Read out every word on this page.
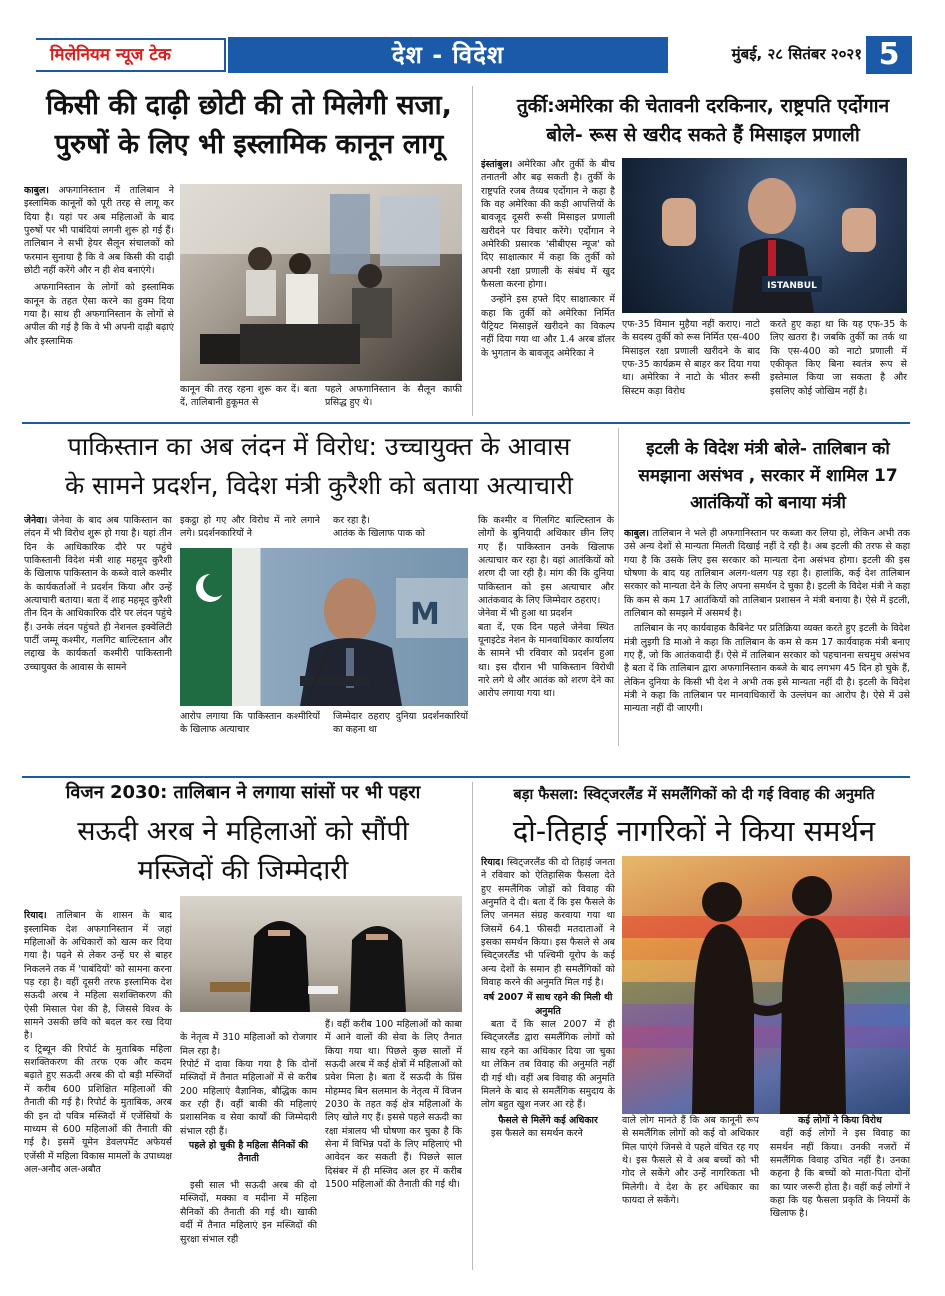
मिलेनियम न्यूज टेक	देश - विदेश	मुंबई, २८ सितंबर २०२१ 5
किसी की दाढ़ी छोटी की तो मिलेगी सजा,
पुरुषों के लिए भी इस्लामिक कानून लागू
काबुल। अफगानिस्तान में तालिबान ने इस्लामिक कानूनों को पूरी तरह से लागू कर दिया है। यहां पर अब महिलाओं के बाद पुरुषों पर भी पाबंदियां लगनी शुरू हो गई हैं। तालिबान ने सभी हेयर सैलून संचालकों को फरमान सुनाया है कि वे अब किसी की दाढ़ी छोटी नहीं करेंगे और न ही शेव बनाएंगे।

अफगानिस्तान के लोगों को इस्लामिक कानून के तहत ऐसा करने का हुक्म दिया गया है। साथ ही अफगानिस्तान के लोगों से अपील की गई है कि वे भी अपनी दाढ़ी बढ़ाएं और इस्लामिक

कानून की तरह रहना शुरू कर दें। बता दें, तालिबानी हुकूमत से
पहले अफगानिस्तान के सैलून काफी प्रसिद्ध हुए थे।
तुर्की:अमेरिका की चेतावनी दरकिनार, राष्ट्रपति एर्दोगान
बोले- रूस से खरीद सकते हैं मिसाइल प्रणाली
इंस्तांबुल। अमेरिका और तुर्की के बीच तनातनी और बढ़ सकती है। तुर्की के राष्ट्रपति रजब तैय्यब एर्दोगान ने कहा है कि वह अमेरिका की कड़ी आपत्तियों के बावजूद दूसरी रूसी मिसाइल प्रणाली खरीदने पर विचार करेंगे। एर्दोगान ने अमेरिकी प्रसारक 'सीबीएस न्यूज' को दिए साक्षात्कार में कहा कि तुर्की को अपनी रक्षा प्रणाली के संबंध में खुद फैसला करना होगा।

उन्होंने इस हफ्ते दिए साक्षात्कार में कहा कि तुर्की को अमेरिका निर्मित पैट्रियट मिसाइलें खरीदने का विकल्प नहीं दिया गया था और 1.4 अरब डॉलर के भुगतान के बावजूद अमेरिका ने

ISTANBUL
एफ-35 विमान मुहैया नहीं कराए। नाटो के सदस्य तुर्की को रूस निर्मित एस-400 मिसाइल रक्षा प्रणाली खरीदने के बाद एफ-35 कार्यक्रम से बाहर कर दिया गया था। अमेरिका ने नाटो के भीतर रूसी सिस्टम कड़ा विरोध
करते हुए कहा था कि यह एफ-35 के लिए खतरा है। जबकि तुर्की का तर्क था कि एस-400 को नाटो प्रणाली में एकीकृत किए बिना स्वतंत्र रूप से इस्तेमाल किया जा सकता है और इसलिए कोई जोखिम नहीं है।
पाकिस्तान का अब लंदन में विरोध: उच्चायुक्त के आवास
के सामने प्रदर्शन, विदेश मंत्री कुरैशी को बताया अत्याचारी
जेनेवा। जेनेवा के बाद अब पाकिस्तान का लंदन में भी विरोध शुरू हो गया है। यहां तीन दिन के आधिकारिक दौरे पर पहुंचे पाकिस्तानी विदेश मंत्री शाह महमूद कुरैशी के खिलाफ पाकिस्तान के कब्जे वाले कश्मीर के कार्यकर्ताओं ने प्रदर्शन किया और उन्हें अत्याचारी बताया। बता दें शाह महमूद कुरैशी तीन दिन के आधिकारिक दौरे पर लंदन पहुंचे हैं। उनके लंदन पहुंचते ही नेशनल इक्वेलिटी पार्टी जम्मू कश्मीर, गलगिट बाल्टिस्तान और लद्दाख के कार्यकर्ता कश्मीरी पाकिस्तानी उच्चायुक्त के आवास के सामने
इकट्ठा हो गए और विरोध में नारे लगाने लगे। प्रदर्शनकारियों ने
कर रहा है।
आतंक के खिलाफ पाक को
M
आरोप लगाया कि पाकिस्तान कश्मीरियों के खिलाफ अत्याचार
जिम्मेदार ठहराए दुनिया प्रदर्शनकारियों का कहना था
कि कश्मीर व गिलगिट बाल्टिस्तान के लोगों के बुनियादी अधिकार छीन लिए गए हैं। पाकिस्तान उनके खिलाफ अत्याचार कर रहा है। वहां आतंकियों को शरण दी जा रही है। मांग की कि दुनिया पाकिस्तान को इस अत्याचार और आतंकवाद के लिए जिम्मेदार ठहराए।
जेनेवा में भी हुआ था प्रदर्शन
बता दें, एक दिन पहले जेनेवा स्थित यूनाइटेड नेशन के मानवाधिकार कार्यालय के सामने भी रविवार को प्रदर्शन हुआ था। इस दौरान भी पाकिस्तान विरोधी नारे लगे थे और आतंक को शरण देने का आरोप लगाया गया था।
इटली के विदेश मंत्री बोले- तालिबान को
समझाना असंभव , सरकार में शामिल 17
आतंकियों को बनाया मंत्री
काबुल। तालिबान ने भले ही अफगानिस्तान पर कब्जा कर लिया हो, लेकिन अभी तक उसे अन्य देशों से मान्यता मिलती दिखाई नहीं दे रही है। अब इटली की तरफ से कहा गया है कि उसके लिए इस सरकार को मान्यता देना असंभव होगा। इटली की इस घोषणा के बाद यह तालिबान अलग-थलग पड़ रहा है। हालांकि, कई देश तालिबान सरकार को मान्यता देने के लिए अपना समर्थन दे चुका है। इटली के विदेश मंत्री ने कहा कि कम से कम 17 आतंकियों को तालिबान प्रशासन ने मंत्री बनाया है। ऐसे में इटली, तालिबान को समझने में असमर्थ है।

तालिबान के नए कार्यवाहक कैबिनेट पर प्रतिक्रिया व्यक्त करते हुए इटली के विदेश मंत्री लुइगी डि माओ ने कहा कि तालिबान के कम से कम 17 कार्यवाहक मंत्री बनाए गए हैं, जो कि आतंकवादी हैं। ऐसे में तालिबान सरकार को पहचानना सचमुच असंभव है बता दें कि तालिबान द्वारा अफगानिस्तान कब्जे के बाद लगभग 45 दिन हो चुके हैं, लेकिन दुनिया के किसी भी देश ने अभी तक इसे मान्यता नहीं दी है। इटली के विदेश मंत्री ने कहा कि तालिबान पर मानवाधिकारों के उल्लंघन का आरोप है। ऐसे में उसे मान्यता नहीं दी जाएगी।

विजन 2030: तालिबान ने लगाया सांसों पर भी पहरा
सऊदी अरब ने महिलाओं को सौंपी
मस्जिदों की जिम्मेदारी

रियाद। तालिबान के शासन के बाद इस्लामिक देश अफगानिस्तान में जहां महिलाओं के अधिकारों को खत्म कर दिया गया है। पढ़ने से लेकर उन्हें घर से बाहर निकलने तक में 'पाबंदियों' को सामना करना पड़ रहा है। वहीं दूसरी तरफ इस्लामिक देश सऊदी अरब ने महिला सशक्तिकरण की ऐसी मिसाल पेश की है, जिससे विश्व के सामने उसकी छवि को बदल कर रख दिया है।
द ट्रिब्यून की रिपोर्ट के मुताबिक महिला सशक्तिकरण की तरफ एक और कदम बढ़ाते हुए सऊदी अरब की दो बड़ी मस्जिदों में करीब 600 प्रशिक्षित महिलाओं की तैनाती की गई है। रिपोर्ट के मुताबिक, अरब की इन दो पवित्र मस्जिदों में एजेंसियों के माध्यम से 600 महिलाओं की तैनाती की गई है। इसमें यूमेन डेवलपमेंट अफेयर्स एजेंसी में महिला विकास मामलों के उपाध्यक्ष अल-अनौद अल-अबौत

के नेतृत्व में 310 महिलाओं को रोजगार मिल रहा है।
रिपोर्ट में दावा किया गया है कि दोनों मस्जिदों में तैनात महिलाओं में से करीब 200 महिलाएं वैज्ञानिक, बौद्धिक काम कर रही हैं। वहीं बाकी की महिलाएं प्रशासनिक व सेवा कार्यों की जिम्मेदारी संभाल रही हैं।

पहले हो चुकी है महिला सैनिकों की तैनाती

इसी साल भी सऊदी अरब की दो मस्जिदों, मक्का व मदीना में महिला सैनिकों की तैनाती की गई थी। खाकी वर्दी में तैनात महिलाएं इन मस्जिदों की सुरक्षा संभाल रही

हैं। वहीं करीब 100 महिलाओं को काबा में आने वालों की सेवा के लिए तैनात किया गया था। पिछले कुछ सालों में सऊदी अरब में कई क्षेत्रों में महिलाओं को प्रवेश मिला है। बता दें सऊदी के प्रिंस मोहम्मद बिन सलमान के नेतृत्व में विजन 2030 के तहत कई क्षेत्र महिलाओं के लिए खोले गए हैं। इससे पहले सऊदी का रक्षा मंत्रालय भी घोषणा कर चुका है कि सेना में विभिन्न पदों के लिए महिलाएं भी आवेदन कर सकती हैं। पिछले साल दिसंबर में ही मस्जिद अल हर में करीब 1500 महिलाओं की तैनाती की गई थी।
बड़ा फैसला: स्विट्जरलैंड में समलैंगिकों को दी गई विवाह की अनुमति
दो-तिहाई नागरिकों ने किया समर्थन
रियाद। स्विट्जरलैंड की दो तिहाई जनता ने रविवार को ऐतिहासिक फैसला देते हुए समलैंगिक जोड़ों को विवाह की अनुमति दे दी। बता दें कि इस फैसले के लिए जनमत संग्रह करवाया गया था जिसमें 64.1 फीसदी मतदाताओं ने इसका समर्थन किया। इस फैसले से अब स्विट्जरलैंड भी पश्चिमी यूरोप के कई अन्य देशों के समान ही समलैंगिकों को विवाह करने की अनुमति मिल गई है।
वर्ष 2007 में साथ रहने की मिली थी अनुमति
बता दें कि साल 2007 में ही स्विट्जरलैंड द्वारा समलैंगिक लोगों को साथ रहने का अधिकार दिया जा चुका था लेकिन तब विवाह की अनुमति नहीं दी गई थी। वहीं अब विवाह की अनुमति मिलने के बाद से समलैंगिक समुदाय के लोग बहुत खुश नजर आ रहे हैं।
फैसले से मिलेंगे कई अधिकार
इस फैसले का समर्थन करने
वाले लोग मानते हैं कि अब कानूनी रूप से समलैंगिक लोगों को कई वो अधिकार मिल पाएंगे जिनसे वे पहले वंचित रह गए थे। इस फैसले से वे अब बच्चों को भी गोद ले सकेंगे और उन्हें नागरिकता भी मिलेगी। वे देश के हर अधिकार का फायदा ले सकेंगे।
कई लोगों ने किया विरोध
वहीं कई लोगों ने इस विवाह का समर्थन नहीं किया। उनकी नजरों में समलैंगिक विवाह उचित नहीं है। उनका कहना है कि बच्चों को माता-पिता दोनों का प्यार जरूरी होता है। वहीं कई लोगों ने कहा कि यह फैसला प्रकृति के नियमों के खिलाफ है।
